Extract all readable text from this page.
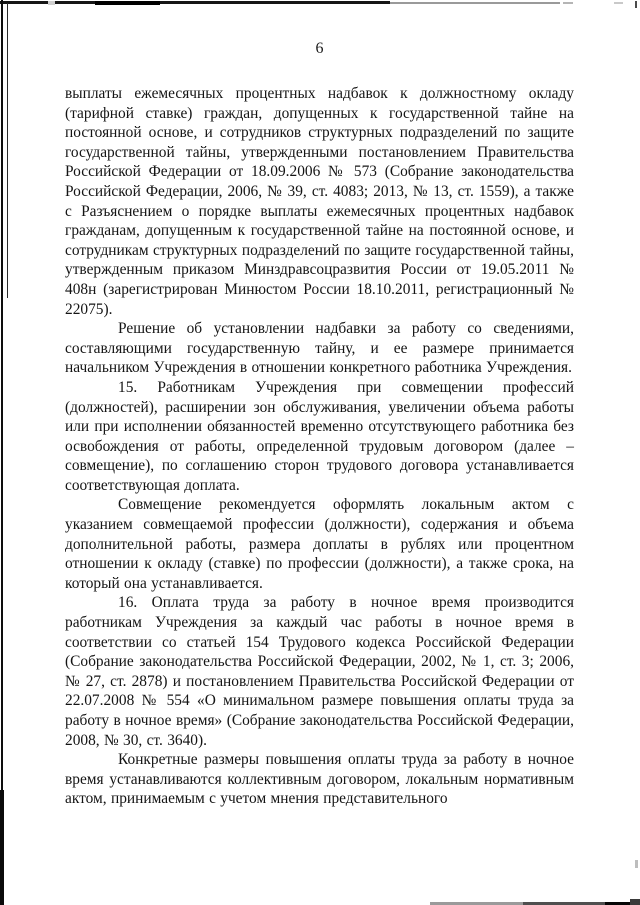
6

выплаты ежемесячных процентных надбавок к должностному окладу (тарифной ставке) граждан, допущенных к государственной тайне на постоянной основе, и сотрудников структурных подразделений по защите государственной тайны, утвержденными постановлением Правительства Российской Федерации от 18.09.2006 № 573 (Собрание законодательства Российской Федерации, 2006, № 39, ст. 4083; 2013, № 13, ст. 1559), а также с Разъяснением о порядке выплаты ежемесячных процентных надбавок гражданам, допущенным к государственной тайне на постоянной основе, и сотрудникам структурных подразделений по защите государственной тайны, утвержденным приказом Минздравсоцразвития России от 19.05.2011 № 408н (зарегистрирован Минюстом России 18.10.2011, регистрационный № 22075).

Решение об установлении надбавки за работу со сведениями, составляющими государственную тайну, и ее размере принимается начальником Учреждения в отношении конкретного работника Учреждения.

15. Работникам Учреждения при совмещении профессий (должностей), расширении зон обслуживания, увеличении объема работы или при исполнении обязанностей временно отсутствующего работника без освобождения от работы, определенной трудовым договором (далее – совмещение), по соглашению сторон трудового договора устанавливается соответствующая доплата.

Совмещение рекомендуется оформлять локальным актом с указанием совмещаемой профессии (должности), содержания и объема дополнительной работы, размера доплаты в рублях или процентном отношении к окладу (ставке) по профессии (должности), а также срока, на который она устанавливается.

16. Оплата труда за работу в ночное время производится работникам Учреждения за каждый час работы в ночное время в соответствии со статьей 154 Трудового кодекса Российской Федерации (Собрание законодательства Российской Федерации, 2002, № 1, ст. 3; 2006, № 27, ст. 2878) и постановлением Правительства Российской Федерации от 22.07.2008 № 554 «О минимальном размере повышения оплаты труда за работу в ночное время» (Собрание законодательства Российской Федерации, 2008, № 30, ст. 3640).

Конкретные размеры повышения оплаты труда за работу в ночное время устанавливаются коллективным договором, локальным нормативным актом, принимаемым с учетом мнения представительного
